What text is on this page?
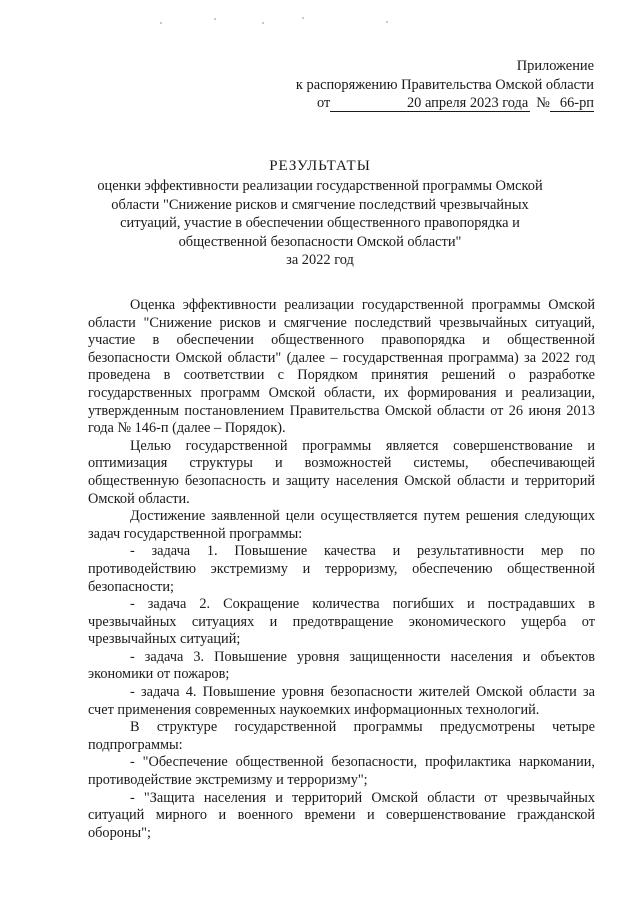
Приложение
к распоряжению Правительства Омской области
от	20 апреля 2023 года № 66-рп
РЕЗУЛЬТАТЫ
оценки эффективности реализации государственной программы Омской
области "Снижение рисков и смягчение последствий чрезвычайных
ситуаций, участие в обеспечении общественного правопорядка и
общественной безопасности Омской области"
за 2022 год

Оценка эффективности реализации государственной программы Омской области "Снижение рисков и смягчение последствий чрезвычайных ситуаций, участие в обеспечении общественного правопорядка и общественной безопасности Омской области" (далее – государственная программа) за 2022 год проведена в соответствии с Порядком принятия решений о разработке государственных программ Омской области, их формирования и реализации, утвержденным постановлением Правительства Омской области от 26 июня 2013 года № 146-п (далее – Порядок).

Целью государственной программы является совершенствование и оптимизация структуры и возможностей системы, обеспечивающей общественную безопасность и защиту населения Омской области и территорий Омской области.

Достижение заявленной цели осуществляется путем решения следующих задач государственной программы:

- задача 1. Повышение качества и результативности мер по противодействию экстремизму и терроризму, обеспечению общественной безопасности;

- задача 2. Сокращение количества погибших и пострадавших в чрезвычайных ситуациях и предотвращение экономического ущерба от чрезвычайных ситуаций;

- задача 3. Повышение уровня защищенности населения и объектов экономики от пожаров;

- задача 4. Повышение уровня безопасности жителей Омской области за счет применения современных наукоемких информационных технологий.

В структуре государственной программы предусмотрены четыре подпрограммы:

- "Обеспечение общественной безопасности, профилактика наркомании, противодействие экстремизму и терроризму";

- "Защита населения и территорий Омской области от чрезвычайных ситуаций мирного и военного времени и совершенствование гражданской обороны";
